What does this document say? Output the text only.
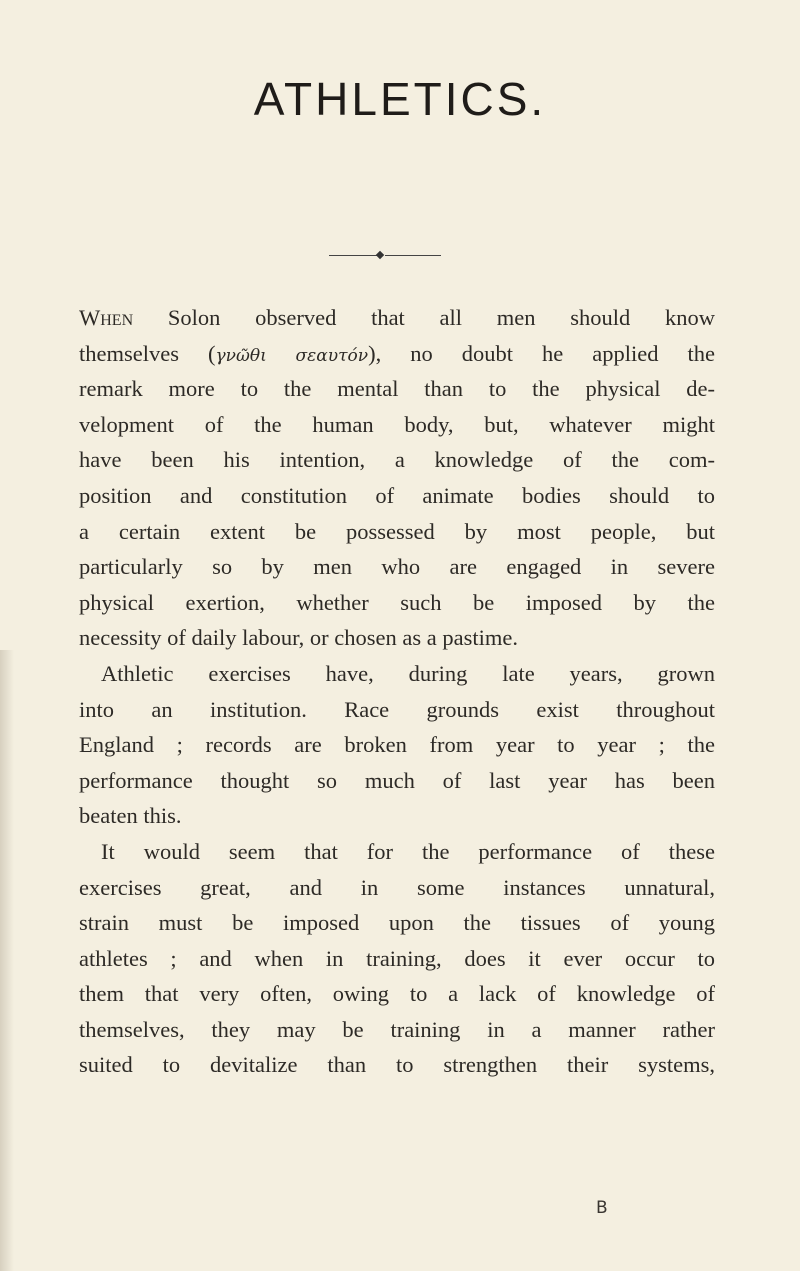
ATHLETICS.

When Solon observed that all men should know

themselves (γνῶθι σεαυτόν), no doubt he applied the

remark more to the mental than to the physical de-

velopment of the human body, but, whatever might

have been his intention, a knowledge of the com-

position and constitution of animate bodies should to

a certain extent be possessed by most people, but

particularly so by men who are engaged in severe

physical exertion, whether such be imposed by the

necessity of daily labour, or chosen as a pastime.

Athletic exercises have, during late years, grown

into an institution. Race grounds exist throughout

England ; records are broken from year to year ; the

performance thought so much of last year has been

beaten this.

It would seem that for the performance of these

exercises great, and in some instances unnatural,

strain must be imposed upon the tissues of young

athletes ; and when in training, does it ever occur to

them that very often, owing to a lack of knowledge of

themselves, they may be training in a manner rather

suited to devitalize than to strengthen their systems,

B
